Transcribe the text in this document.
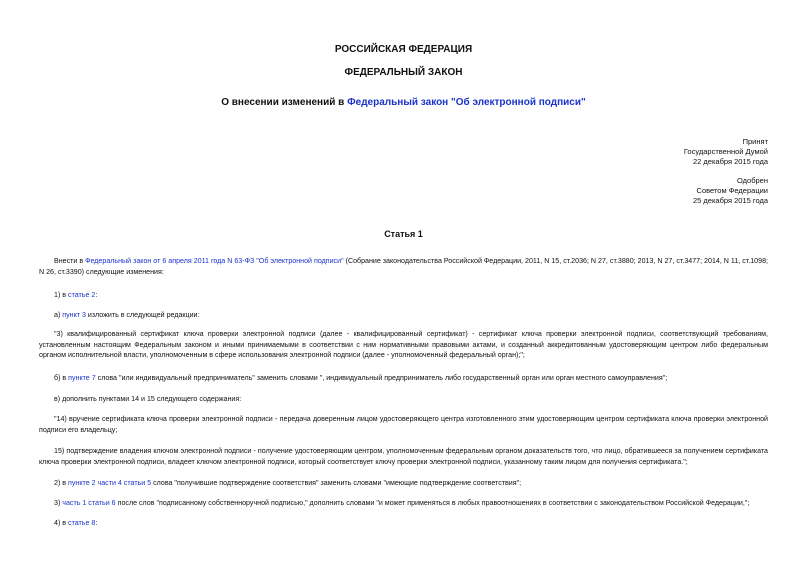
РОССИЙСКАЯ ФЕДЕРАЦИЯ
ФЕДЕРАЛЬНЫЙ ЗАКОН
О внесении изменений в Федеральный закон "Об электронной подписи"
Принят
Государственной Думой
22 декабря 2015 года
Одобрен
Советом Федерации
25 декабря 2015 года
Статья 1
Внести в Федеральный закон от 6 апреля 2011 года N 63-ФЗ "Об электронной подписи" (Собрание законодательства Российской Федерации, 2011, N 15, ст.2036; N 27, ст.3880; 2013, N 27, ст.3477; 2014, N 11, ст.1098; N 26, ст.3390) следующие изменения:
1) в статье 2:
а) пункт 3 изложить в следующей редакции:
"3) квалифицированный сертификат ключа проверки электронной подписи (далее - квалифицированный сертификат) - сертификат ключа проверки электронной подписи, соответствующий требованиям, установленным настоящим Федеральным законом и иными принимаемыми в соответствии с ним нормативными правовыми актами, и созданный аккредитованным удостоверяющим центром либо федеральным органом исполнительной власти, уполномоченным в сфере использования электронной подписи (далее - уполномоченный федеральный орган);";
б) в пункте 7 слова "или индивидуальный предприниматель" заменить словами ", индивидуальный предприниматель либо государственный орган или орган местного самоуправления";
в) дополнить пунктами 14 и 15 следующего содержания:
"14) вручение сертификата ключа проверки электронной подписи - передача доверенным лицом удостоверяющего центра изготовленного этим удостоверяющим центром сертификата ключа проверки электронной подписи его владельцу;
15) подтверждение владения ключом электронной подписи - получение удостоверяющим центром, уполномоченным федеральным органом доказательств того, что лицо, обратившееся за получением сертификата ключа проверки электронной подписи, владеет ключом электронной подписи, который соответствует ключу проверки электронной подписи, указанному таким лицом для получения сертификата.";
2) в пункте 2 части 4 статьи 5 слова "получившие подтверждение соответствия" заменить словами "имеющие подтверждение соответствия";
3) часть 1 статьи 6 после слов "подписанному собственноручной подписью," дополнить словами "и может применяться в любых правоотношениях в соответствии с законодательством Российской Федерации,";
4) в статье 8:
